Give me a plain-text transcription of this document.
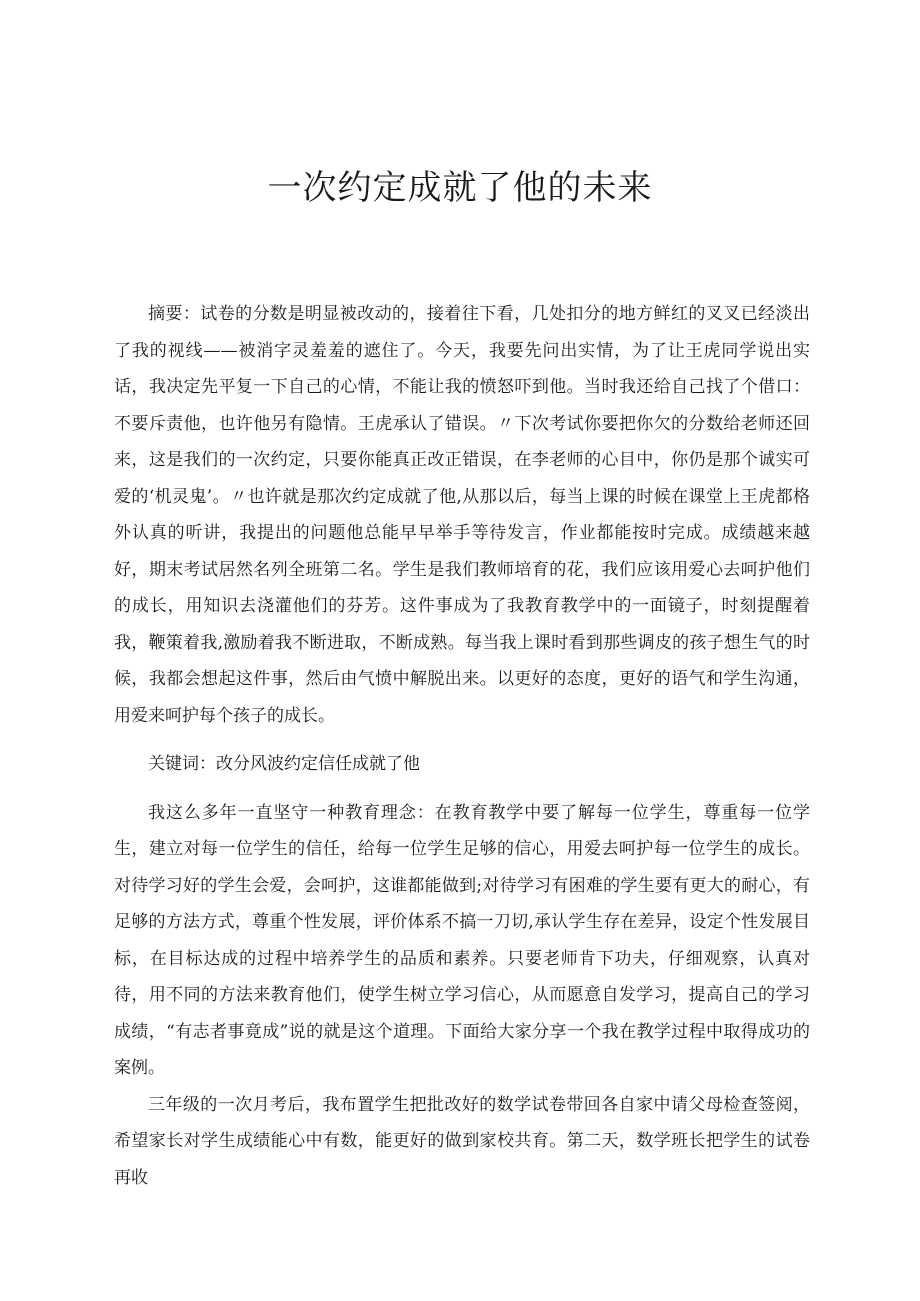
一次约定成就了他的未来

摘要：试卷的分数是明显被改动的，接着往下看，几处扣分的地方鲜红的叉叉已经淡出了我的视线——被消字灵羞羞的遮住了。今天，我要先问出实情，为了让王虎同学说出实话，我决定先平复一下自己的心情，不能让我的愤怒吓到他。当时我还给自己找了个借口：不要斥责他，也许他另有隐情。王虎承认了错误。〃下次考试你要把你欠的分数给老师还回来，这是我们的一次约定，只要你能真正改正错误，在李老师的心目中，你仍是那个诚实可爱的‘机灵鬼’。〃也许就是那次约定成就了他,从那以后，每当上课的时候在课堂上王虎都格外认真的听讲，我提出的问题他总能早早举手等待发言，作业都能按时完成。成绩越来越好，期末考试居然名列全班第二名。学生是我们教师培育的花，我们应该用爱心去呵护他们的成长，用知识去浇灌他们的芬芳。这件事成为了我教育教学中的一面镜子，时刻提醒着我，鞭策着我,激励着我不断进取，不断成熟。每当我上课时看到那些调皮的孩子想生气的时候，我都会想起这件事，然后由气愤中解脱出来。以更好的态度，更好的语气和学生沟通，用爱来呵护每个孩子的成长。

关键词：改分风波约定信任成就了他

我这么多年一直坚守一种教育理念：在教育教学中要了解每一位学生，尊重每一位学生，建立对每一位学生的信任，给每一位学生足够的信心，用爱去呵护每一位学生的成长。对待学习好的学生会爱，会呵护，这谁都能做到;对待学习有困难的学生要有更大的耐心，有足够的方法方式，尊重个性发展，评价体系不搞一刀切,承认学生存在差异，设定个性发展目标，在目标达成的过程中培养学生的品质和素养。只要老师肯下功夫，仔细观察，认真对待，用不同的方法来教育他们，使学生树立学习信心，从而愿意自发学习，提高自己的学习成绩，“有志者事竟成”说的就是这个道理。下面给大家分享一个我在教学过程中取得成功的案例。

三年级的一次月考后，我布置学生把批改好的数学试卷带回各自家中请父母检查签阅，希望家长对学生成绩能心中有数，能更好的做到家校共育。第二天，数学班长把学生的试卷再收
